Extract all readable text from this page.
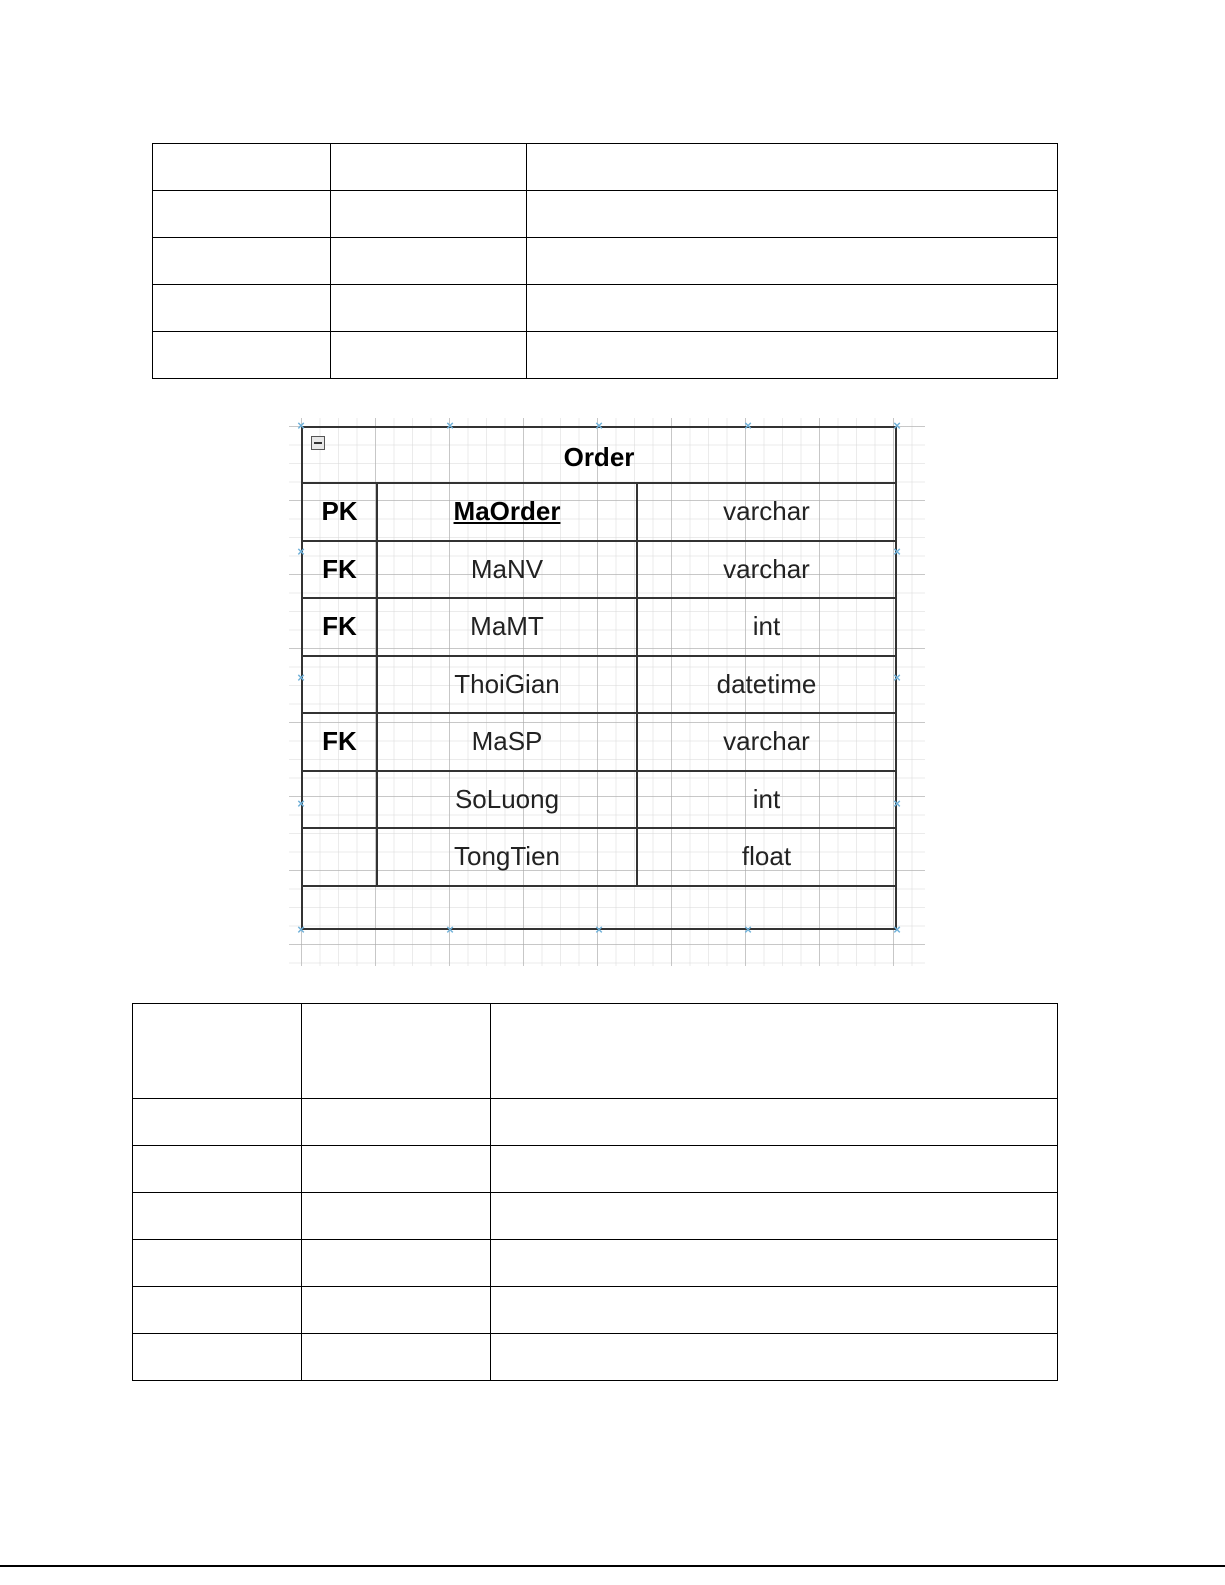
Order
PK	MaOrder	varchar
FK	MaNV	varchar
FK	MaMT	int
	ThoiGian	datetime
FK	MaSP	varchar
	SoLuong	int
	TongTien	float

×
×
×
×
×
×
×
×
×
×
×
×
×
×
×
×
